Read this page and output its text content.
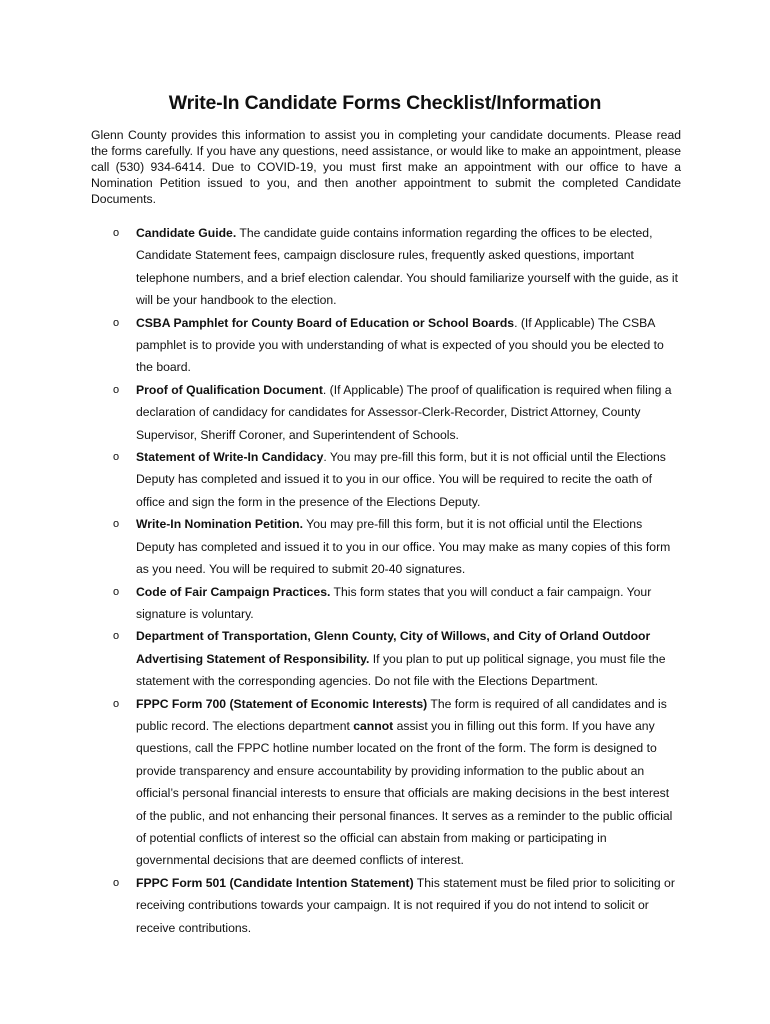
Write-In Candidate Forms Checklist/Information

Glenn County provides this information to assist you in completing your candidate documents. Please read the forms carefully. If you have any questions, need assistance, or would like to make an appointment, please call (530) 934-6414. Due to COVID-19, you must first make an appointment with our office to have a Nomination Petition issued to you, and then another appointment to submit the completed Candidate Documents.

o Candidate Guide. The candidate guide contains information regarding the offices to be elected, Candidate Statement fees, campaign disclosure rules, frequently asked questions, important telephone numbers, and a brief election calendar. You should familiarize yourself with the guide, as it will be your handbook to the election.
o CSBA Pamphlet for County Board of Education or School Boards. (If Applicable) The CSBA pamphlet is to provide you with understanding of what is expected of you should you be elected to the board.
o Proof of Qualification Document. (If Applicable) The proof of qualification is required when filing a declaration of candidacy for candidates for Assessor-Clerk-Recorder, District Attorney, County Supervisor, Sheriff Coroner, and Superintendent of Schools.
o Statement of Write-In Candidacy. You may pre-fill this form, but it is not official until the Elections Deputy has completed and issued it to you in our office. You will be required to recite the oath of office and sign the form in the presence of the Elections Deputy.
o Write-In Nomination Petition. You may pre-fill this form, but it is not official until the Elections Deputy has completed and issued it to you in our office. You may make as many copies of this form as you need. You will be required to submit 20-40 signatures.
o Code of Fair Campaign Practices. This form states that you will conduct a fair campaign. Your signature is voluntary.
o Department of Transportation, Glenn County, City of Willows, and City of Orland Outdoor Advertising Statement of Responsibility. If you plan to put up political signage, you must file the statement with the corresponding agencies. Do not file with the Elections Department.
o FPPC Form 700 (Statement of Economic Interests) The form is required of all candidates and is public record. The elections department cannot assist you in filling out this form. If you have any questions, call the FPPC hotline number located on the front of the form. The form is designed to provide transparency and ensure accountability by providing information to the public about an official’s personal financial interests to ensure that officials are making decisions in the best interest of the public, and not enhancing their personal finances. It serves as a reminder to the public official of potential conflicts of interest so the official can abstain from making or participating in governmental decisions that are deemed conflicts of interest.
o FPPC Form 501 (Candidate Intention Statement) This statement must be filed prior to soliciting or receiving contributions towards your campaign. It is not required if you do not intend to solicit or receive contributions.
